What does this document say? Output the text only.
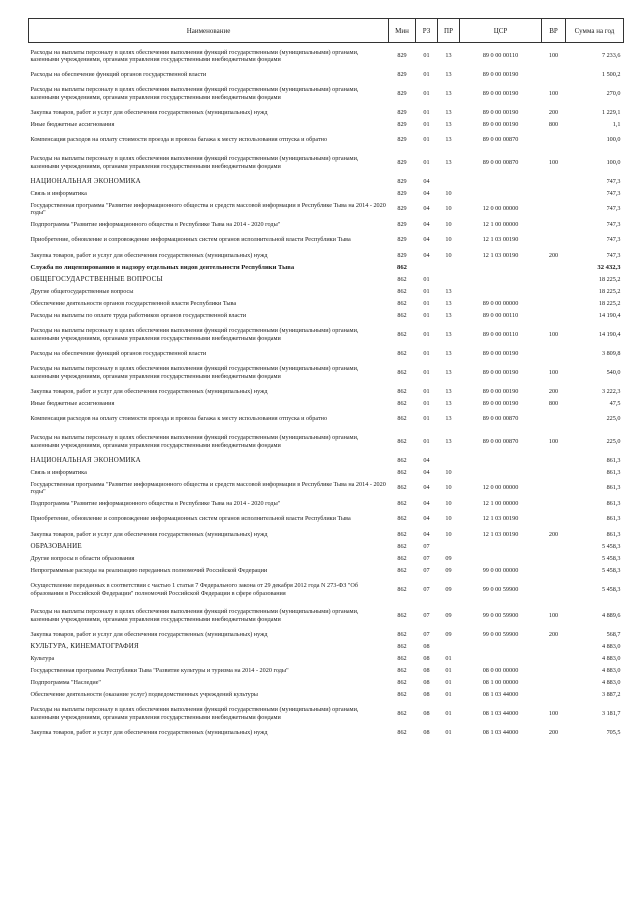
Наименование	Мин	РЗ	ПР	ЦСР	ВР	Сумма на год
Расходы на выплаты персоналу в целях обеспечения выполнения функций государственными (муниципальными) органами, казенными учреждениями, органами управления государственными внебюджетными фондами	829	01	13	89 0 00 00110	100	7 233,6
Расходы на обеспечение функций органов государственной власти	829	01	13	89 0 00 00190		1 500,2
Расходы на выплаты персоналу в целях обеспечения выполнения функций государственными (муниципальными) органами, казенными учреждениями, органами управления государственными внебюджетными фондами	829	01	13	89 0 00 00190	100	270,0
Закупка товаров, работ и услуг для обеспечения государственных (муниципальных) нужд	829	01	13	89 0 00 00190	200	1 229,1
Иные бюджетные ассигнования	829	01	13	89 0 00 00190	800	1,1
Компенсация расходов на оплату стоимости проезда и провоза багажа к месту использования отпуска и обратно	829	01	13	89 0 00 00870		100,0
Расходы на выплаты персоналу в целях обеспечения выполнения функций государственными (муниципальными) органами, казенными учреждениями, органами управления государственными внебюджетными фондами	829	01	13	89 0 00 00870	100	100,0
НАЦИОНАЛЬНАЯ ЭКОНОМИКА	829	04				747,3
Связь и информатика	829	04	10			747,3
Государственная программа "Развитие информационного общества и средств массовой информации в Республике Тыва на 2014 - 2020 годы"	829	04	10	12 0 00 00000		747,3
Подпрограмма "Развитие информационного общества в Республике Тыва на 2014 - 2020 годы"	829	04	10	12 1 00 00000		747,3
Приобретение, обновление и сопровождение информационных систем органов исполнительной власти Республики Тыва	829	04	10	12 1 03 00190		747,3
Закупка товаров, работ и услуг для обеспечения государственных (муниципальных) нужд	829	04	10	12 1 03 00190	200	747,3
Служба по лицензированию и надзору отдельных видов деятельности Республики Тыва	862					32 432,3
ОБЩЕГОСУДАРСТВЕННЫЕ ВОПРОСЫ	862	01				18 225,2
Другие общегосударственные вопросы	862	01	13			18 225,2
Обеспечение деятельности органов государственной власти Республики Тыва	862	01	13	89 0 00 00000		18 225,2
Расходы на выплаты по оплате труда работников органов государственной власти	862	01	13	89 0 00 00110		14 190,4
Расходы на выплаты персоналу в целях обеспечения выполнения функций государственными (муниципальными) органами, казенными учреждениями, органами управления государственными внебюджетными фондами	862	01	13	89 0 00 00110	100	14 190,4
Расходы на обеспечение функций органов государственной власти	862	01	13	89 0 00 00190		3 809,8
Расходы на выплаты персоналу в целях обеспечения выполнения функций государственными (муниципальными) органами, казенными учреждениями, органами управления государственными внебюджетными фондами	862	01	13	89 0 00 00190	100	540,0
Закупка товаров, работ и услуг для обеспечения государственных (муниципальных) нужд	862	01	13	89 0 00 00190	200	3 222,3
Иные бюджетные ассигнования	862	01	13	89 0 00 00190	800	47,5
Компенсация расходов на оплату стоимости проезда и провоза багажа к месту использования отпуска и обратно	862	01	13	89 0 00 00870		225,0
Расходы на выплаты персоналу в целях обеспечения выполнения функций государственными (муниципальными) органами, казенными учреждениями, органами управления государственными внебюджетными фондами	862	01	13	89 0 00 00870	100	225,0
НАЦИОНАЛЬНАЯ ЭКОНОМИКА	862	04				861,3
Связь и информатика	862	04	10			861,3
Государственная программа "Развитие информационного общества и средств массовой информации в Республике Тыва на 2014 - 2020 годы"	862	04	10	12 0 00 00000		861,3
Подпрограмма "Развитие информационного общества в Республике Тыва на 2014 - 2020 годы"	862	04	10	12 1 00 00000		861,3
Приобретение, обновление и сопровождение информационных систем органов исполнительной власти Республики Тыва	862	04	10	12 1 03 00190		861,3
Закупка товаров, работ и услуг для обеспечения государственных (муниципальных) нужд	862	04	10	12 1 03 00190	200	861,3
ОБРАЗОВАНИЕ	862	07				5 458,3
Другие вопросы в области образования	862	07	09			5 458,3
Непрограммные расходы на реализацию переданных полномочий Российской Федерации	862	07	09	99 0 00 00000		5 458,3
Осуществление переданных в соответствии с частью 1 статьи 7 Федерального закона от 29 декабря 2012 года N 273-ФЗ "Об образовании в Российской Федерации" полномочий Российской Федерации в сфере образования	862	07	09	99 0 00 59900		5 458,3
Расходы на выплаты персоналу в целях обеспечения выполнения функций государственными (муниципальными) органами, казенными учреждениями, органами управления государственными внебюджетными фондами	862	07	09	99 0 00 59900	100	4 889,6
Закупка товаров, работ и услуг для обеспечения государственных (муниципальных) нужд	862	07	09	99 0 00 59900	200	568,7
КУЛЬТУРА, КИНЕМАТОГРАФИЯ	862	08				4 883,0
Культура	862	08	01			4 883,0
Государственная программа Республики Тыва "Развитие культуры и туризма на 2014 - 2020 годы"	862	08	01	08 0 00 00000		4 883,0
Подпрограмма "Наследие"	862	08	01	08 1 00 00000		4 883,0
Обеспечение деятельности (оказание услуг) подведомственных учреждений культуры	862	08	01	08 1 03 44000		3 887,2
Расходы на выплаты персоналу в целях обеспечения выполнения функций государственными (муниципальными) органами, казенными учреждениями, органами управления государственными внебюджетными фондами	862	08	01	08 1 03 44000	100	3 181,7
Закупка товаров, работ и услуг для обеспечения государственных (муниципальных) нужд	862	08	01	08 1 03 44000	200	705,5
